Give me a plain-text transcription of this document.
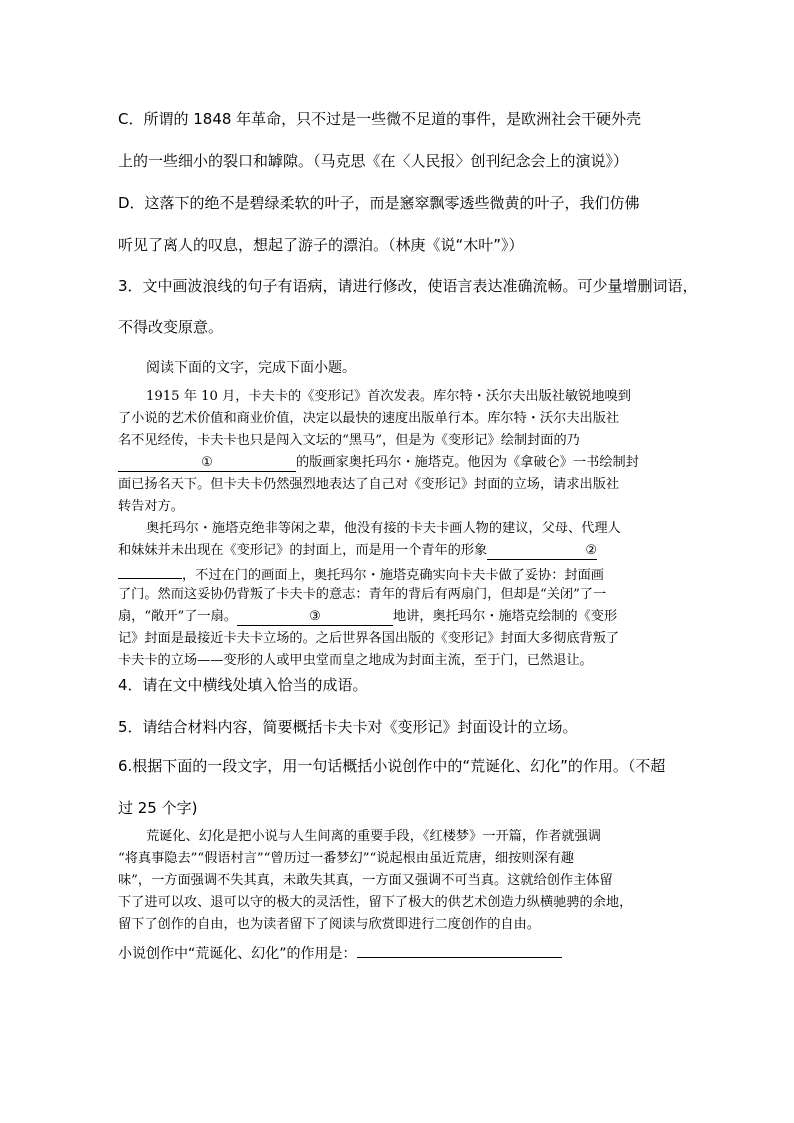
C．所谓的 1848 年革命，只不过是一些微不足道的事件，是欧洲社会干硬外壳
上的一些细小的裂口和罅隙。（马克思《在〈人民报〉创刊纪念会上的演说》）
D．这落下的绝不是碧绿柔软的叶子，而是窸窣飘零透些微黄的叶子，我们仿佛
听见了离人的叹息，想起了游子的漂泊。（林庚《说“木叶”》）
3．文中画波浪线的句子有语病，请进行修改，使语言表达准确流畅。可少量增删词语，
不得改变原意。
阅读下面的文字，完成下面小题。
1915 年 10 月，卡夫卡的《变形记》首次发表。库尔特・沃尔夫出版社敏锐地嗅到
了小说的艺术价值和商业价值，决定以最快的速度出版单行本。库尔特・沃尔夫出版社
名不见经传，卡夫卡也只是闯入文坛的“黑马”，但是为《变形记》绘制封面的乃
①	的版画家奥托玛尔・施塔克。他因为《拿破仑》一书绘制封
面已扬名天下。但卡夫卡仍然强烈地表达了自己对《变形记》封面的立场，请求出版社
转告对方。
奥托玛尔・施塔克绝非等闲之辈，他没有接的卡夫卡画人物的建议，父母、代理人
和妹妹并未出现在《变形记》的封面上，而是用一个青年的形象	②
，不过在门的画面上，奥托玛尔・施塔克确实向卡夫卡做了妥协：封面画
了门。然而这妥协仍背叛了卡夫卡的意志：青年的背后有两扇门，但却是“关闭”了一
扇，“敞开”了一扇。	③	地讲，奥托玛尔・施塔克绘制的《变形
记》封面是最接近卡夫卡立场的。之后世界各国出版的《变形记》封面大多彻底背叛了
卡夫卡的立场——变形的人或甲虫堂而皇之地成为封面主流，至于门，已然退让。
4．请在文中横线处填入恰当的成语。
5．请结合材料内容，简要概括卡夫卡对《变形记》封面设计的立场。
6.根据下面的一段文字，用一句话概括小说创作中的“荒诞化、幻化”的作用。（不超
过 25 个字)
荒诞化、幻化是把小说与人生间离的重要手段，《红楼梦》一开篇，作者就强调
“将真事隐去”“假语村言”“曾历过一番梦幻”“说起根由虽近荒唐，细按则深有趣
味”，一方面强调不失其真，未敢失其真，一方面又强调不可当真。这就给创作主体留
下了进可以攻、退可以守的极大的灵活性，留下了极大的供艺术创造力纵横驰骋的余地，
留下了创作的自由，也为读者留下了阅读与欣赏即进行二度创作的自由。
小说创作中“荒诞化、幻化”的作用是：
